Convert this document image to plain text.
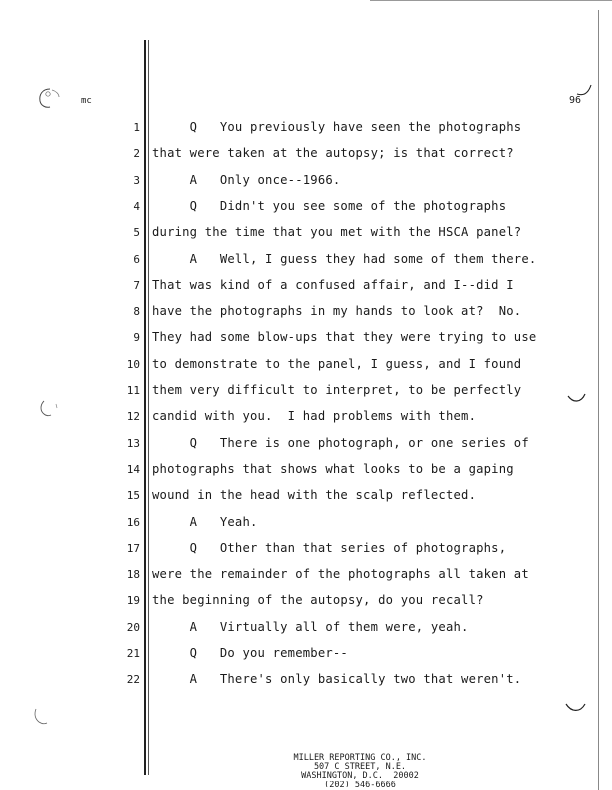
mc	96
1 Q   You previously have seen the photographs
2 that were taken at the autopsy; is that correct?
3 A   Only once--1966.
4 Q   Didn't you see some of the photographs
5 during the time that you met with the HSCA panel?
6 A   Well, I guess they had some of them there.
7 That was kind of a confused affair, and I--did I
8 have the photographs in my hands to look at?  No.
9 They had some blow-ups that they were trying to use
10 to demonstrate to the panel, I guess, and I found
11 them very difficult to interpret, to be perfectly
12 candid with you.  I had problems with them.
13 Q   There is one photograph, or one series of
14 photographs that shows what looks to be a gaping
15 wound in the head with the scalp reflected.
16 A   Yeah.
17 Q   Other than that series of photographs,
18 were the remainder of the photographs all taken at
19 the beginning of the autopsy, do you recall?
20 A   Virtually all of them were, yeah.
21 Q   Do you remember--
22 A   There's only basically two that weren't.
MILLER REPORTING CO., INC.
507 C STREET, N.E.
WASHINGTON, D.C.  20002
(202) 546-6666
